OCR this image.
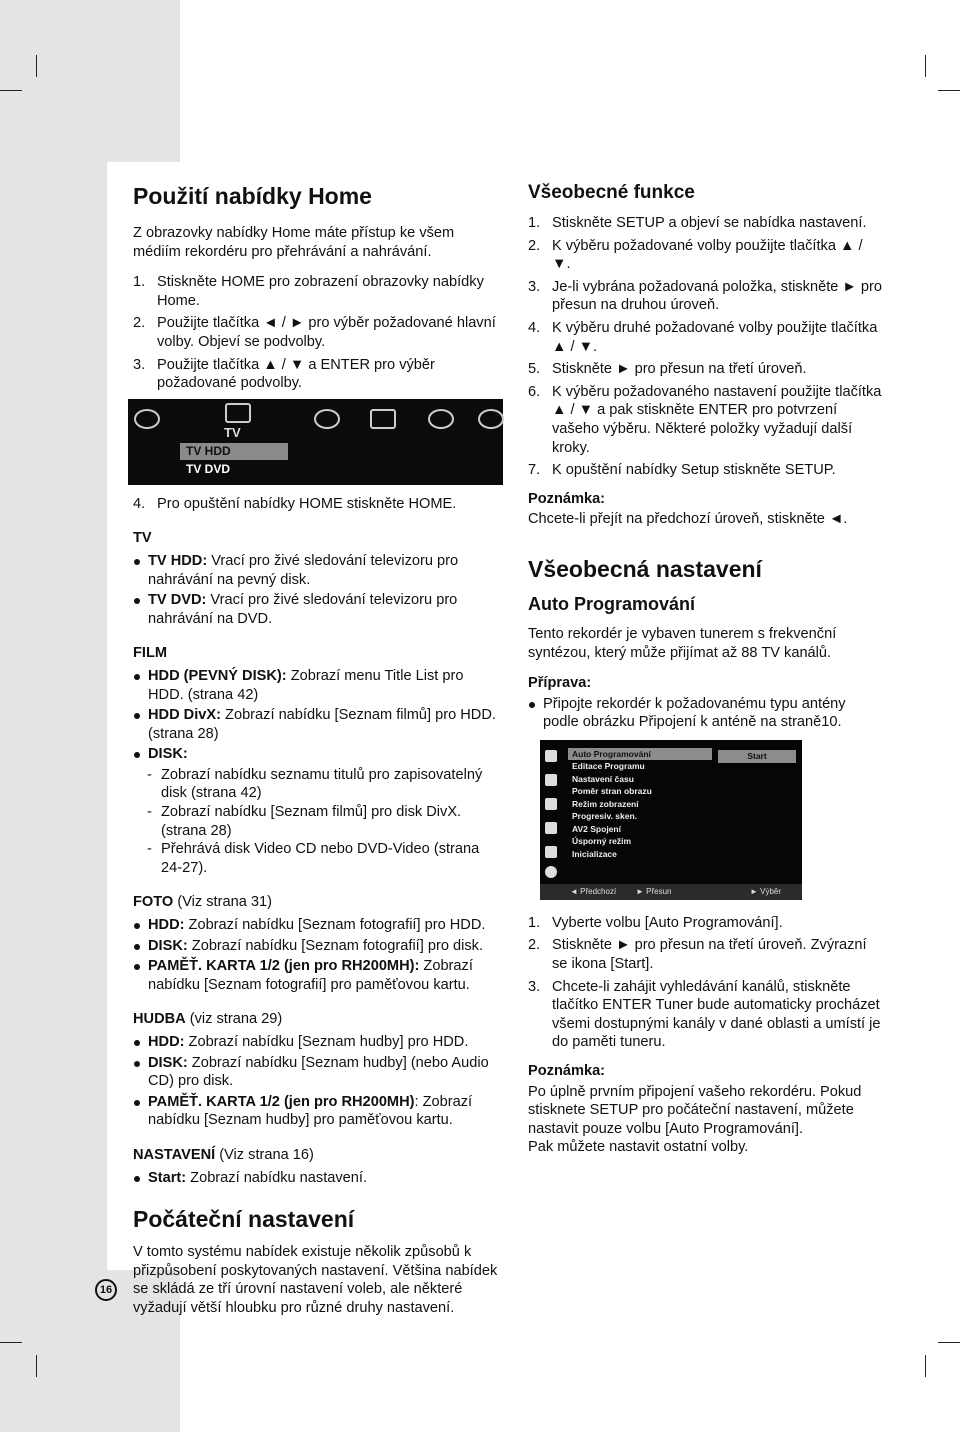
Použití nabídky Home

Z obrazovky nabídky Home máte přístup ke všem médiím rekordéru pro přehrávání a nahrávání.

1. Stiskněte HOME pro zobrazení obrazovky nabídky Home.
2. Použijte tlačítka ◄ / ► pro výběr požadované hlavní volby. Objeví se podvolby.
3. Použijte tlačítka ▲ / ▼ a ENTER pro výběr požadované podvolby.
TV
TV HDD
TV DVD
4. Pro opuštění nabídky HOME stiskněte HOME.
TV
TV HDD: Vrací pro živé sledování televizoru pro nahrávání na pevný disk.
TV DVD: Vrací pro živé sledování televizoru pro nahrávání na DVD.
FILM
HDD (PEVNÝ DISK): Zobrazí menu Title List pro HDD. (strana 42)
HDD DivX: Zobrazí nabídku [Seznam filmů] pro HDD. (strana 28)
DISK:
- Zobrazí nabídku seznamu titulů pro zapisovatelný disk (strana 42)
- Zobrazí nabídku [Seznam filmů] pro disk DivX. (strana 28)
- Přehrává disk Video CD nebo DVD-Video (strana 24-27).
FOTO (Viz strana 31)
HDD: Zobrazí nabídku [Seznam fotografií] pro HDD.
DISK: Zobrazí nabídku [Seznam fotografií] pro disk.
PAMĚŤ. KARTA 1/2 (jen pro RH200MH): Zobrazí nabídku [Seznam fotografií] pro paměťovou kartu.
HUDBA (viz strana 29)
HDD: Zobrazí nabídku [Seznam hudby] pro HDD.
DISK: Zobrazí nabídku [Seznam hudby] (nebo Audio CD) pro disk.
PAMĚŤ. KARTA 1/2 (jen pro RH200MH): Zobrazí nabídku [Seznam hudby] pro paměťovou kartu.
NASTAVENÍ (Viz strana 16)
Start: Zobrazí nabídku nastavení.
Počáteční nastavení

V tomto systému nabídek existuje několik způsobů k přizpůsobení poskytovaných nastavení. Většina nabídek se skládá ze tří úrovní nastavení voleb, ale některé vyžadují větší hloubku pro různé druhy nastavení.

Všeobecné funkce
1. Stiskněte SETUP a objeví se nabídka nastavení.
2. K výběru požadované volby použijte tlačítka ▲ / ▼.
3. Je-li vybrána požadovaná položka, stiskněte ► pro přesun na druhou úroveň.
4. K výběru druhé požadované volby použijte tlačítka ▲ / ▼.
5. Stiskněte ► pro přesun na třetí úroveň.
6. K výběru požadovaného nastavení použijte tlačítka ▲ / ▼ a pak stiskněte ENTER pro potvrzení vašeho výběru. Některé položky vyžadují další kroky.
7. K opuštění nabídky Setup stiskněte SETUP.
Poznámka:

Chcete-li přejít na předchozí úroveň, stiskněte ◄.

Všeobecná nastavení
Auto Programování

Tento rekordér je vybaven tunerem s frekvenční syntézou, který může přijímat až 88 TV kanálů.

Příprava:
Připojte rekordér k požadovanému typu antény podle obrázku Připojení k anténě na straně10.
Auto Programování
Editace Programu
Nastavení času
Poměr stran obrazu
Režim zobrazení
Progresiv. sken.
AV2 Spojení
Úsporný režim
Inicializace
Start
◄ Předchozí ► Přesun	► Výběr
1. Vyberte volbu [Auto Programování].
2. Stiskněte ► pro přesun na třetí úroveň. Zvýrazní se ikona [Start].
3. Chcete-li zahájit vyhledávání kanálů, stiskněte tlačítko ENTER Tuner bude automaticky procházet všemi dostupnými kanály v dané oblasti a umístí je do paměti tuneru.
Poznámka:
Po úplně prvním připojení vašeho rekordéru. Pokud stisknete SETUP pro počáteční nastavení, můžete nastavit pouze volbu [Auto Programování].
Pak můžete nastavit ostatní volby.
16
